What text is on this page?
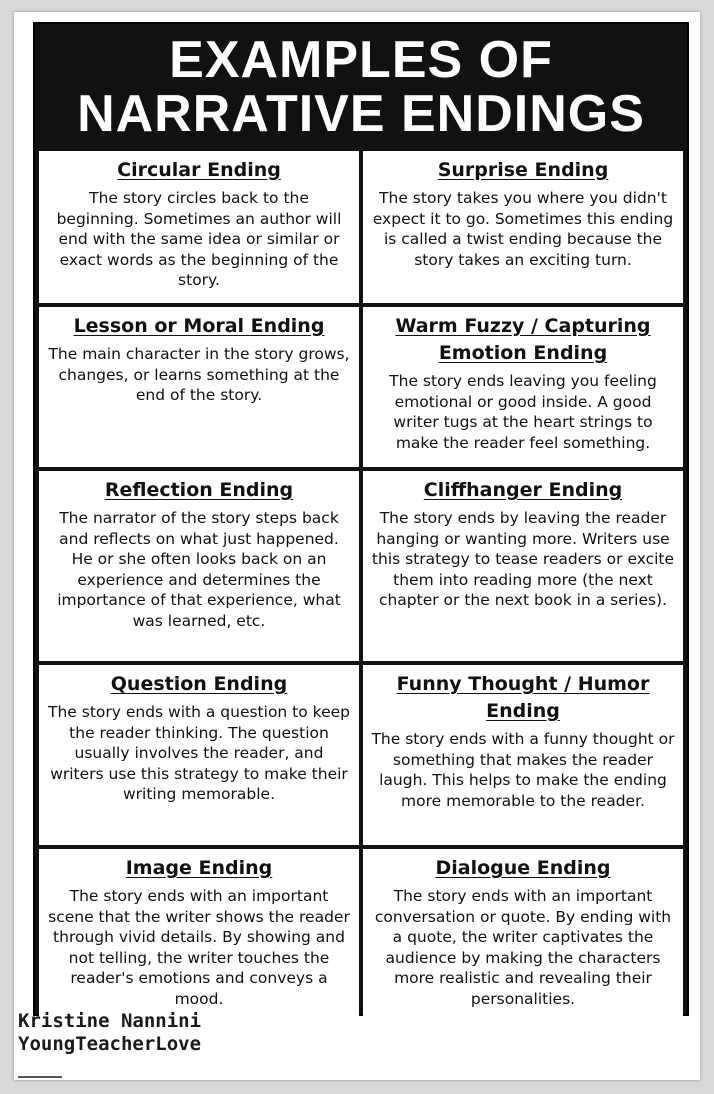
EXAMPLES OF
NARRATIVE ENDINGS
Circular Ending
The story circles back to the beginning. Sometimes an author will end with the same idea or similar or exact words as the beginning of the story.
Surprise Ending
The story takes you where you didn't expect it to go. Sometimes this ending is called a twist ending because the story takes an exciting turn.
Lesson or Moral Ending
The main character in the story grows, changes, or learns something at the end of the story.
Warm Fuzzy / Capturing Emotion Ending
The story ends leaving you feeling emotional or good inside. A good writer tugs at the heart strings to make the reader feel something.
Reflection Ending
The narrator of the story steps back and reflects on what just happened. He or she often looks back on an experience and determines the importance of that experience, what was learned, etc.
Cliffhanger Ending
The story ends by leaving the reader hanging or wanting more. Writers use this strategy to tease readers or excite them into reading more (the next chapter or the next book in a series).
Question Ending
The story ends with a question to keep the reader thinking. The question usually involves the reader, and writers use this strategy to make their writing memorable.
Funny Thought / Humor Ending
The story ends with a funny thought or something that makes the reader laugh. This helps to make the ending more memorable to the reader.
Image Ending
The story ends with an important scene that the writer shows the reader through vivid details. By showing and not telling, the writer touches the reader's emotions and conveys a mood.
Dialogue Ending
The story ends with an important conversation or quote. By ending with a quote, the writer captivates the audience by making the characters more realistic and revealing their personalities.
Kristine Nannini
YoungTeacherLove
